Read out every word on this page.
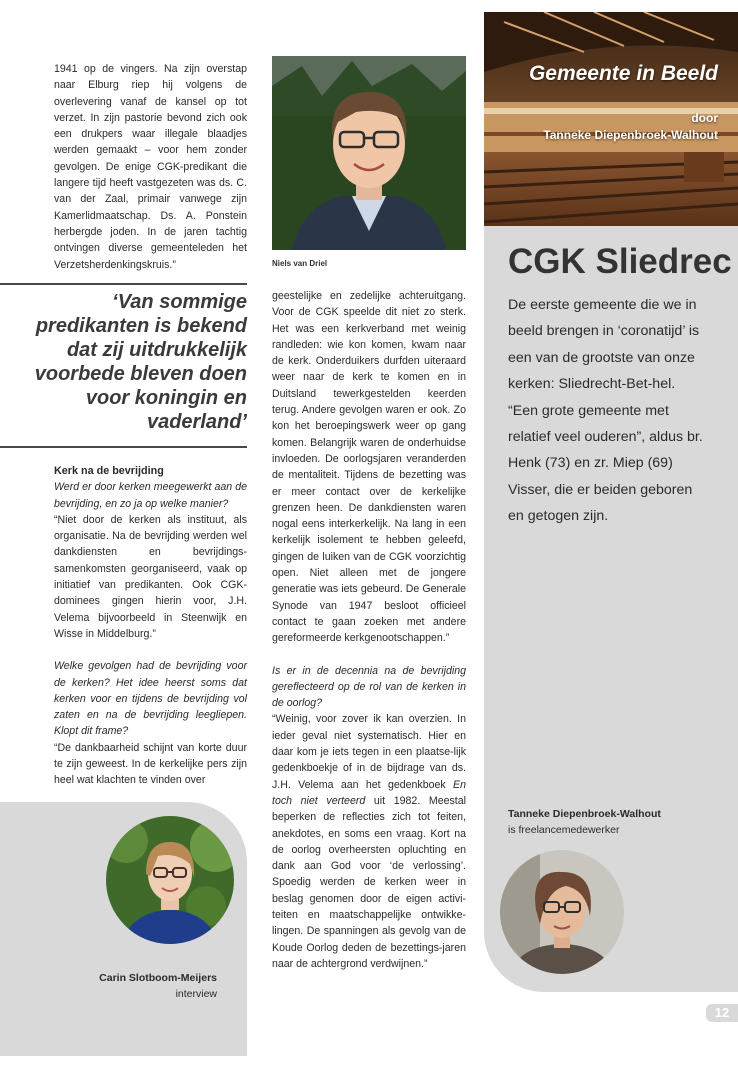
1941 op de vingers. Na zijn overstap naar Elburg riep hij volgens de overlevering vanaf de kansel op tot verzet. In zijn pastorie bevond zich ook een drukpers waar illegale blaadjes werden gemaakt – voor hem zonder gevolgen. De enige CGK-predikant die langere tijd heeft vastgezeten was ds. C. van der Zaal, primair vanwege zijn Kamerlidmaatschap. Ds. A. Ponstein herbergde joden. In de jaren tachtig ontvingen diverse gemeenteleden het Verzetsherdenkingskruis.”

‘Van sommige predikanten is bekend dat zij uitdrukkelijk voorbede bleven doen voor koningin en vaderland’
Kerk na de bevrijding

Werd er door kerken meegewerkt aan de bevrijding, en zo ja op welke manier?

“Niet door de kerken als instituut, als organisatie. Na de bevrijding werden wel dankdiensten en bevrijdings-samenkomsten georganiseerd, vaak op initiatief van predikanten. Ook CGK-dominees gingen hierin voor, J.H. Velema bijvoorbeeld in Steenwijk en Wisse in Middelburg.”

Welke gevolgen had de bevrijding voor de kerken? Het idee heerst soms dat kerken voor en tijdens de bevrijding vol zaten en na de bevrijding leegliepen. Klopt dit frame?

“De dankbaarheid schijnt van korte duur te zijn geweest. In de kerkelijke pers zijn heel wat klachten te vinden over

Carin Slotboom-Meijers
interview
Niels van Driel

geestelijke en zedelijke achteruitgang. Voor de CGK speelde dit niet zo sterk. Het was een kerkverband met weinig randleden: wie kon komen, kwam naar de kerk. Onderduikers durfden uiteraard weer naar de kerk te komen en in Duitsland tewerkgestelden keerden terug. Andere gevolgen waren er ook. Zo kon het beroepingswerk weer op gang komen. Belangrijk waren de onderhuidse invloeden. De oorlogsjaren veranderden de mentaliteit. Tijdens de bezetting was er meer contact over de kerkelijke grenzen heen. De dankdiensten waren nogal eens interkerkelijk. Na lang in een kerkelijk isolement te hebben geleefd, gingen de luiken van de CGK voorzichtig open. Niet alleen met de jongere generatie was iets gebeurd. De Generale Synode van 1947 besloot officieel contact te gaan zoeken met andere gereformeerde kerkgenootschappen.”

Is er in de decennia na de bevrijding gereflecteerd op de rol van de kerken in de oorlog?

“Weinig, voor zover ik kan overzien. In ieder geval niet systematisch. Hier en daar kom je iets tegen in een plaatse-lijk gedenkboekje of in de bijdrage van ds. J.H. Velema aan het gedenkboek En toch niet verteerd uit 1982. Meestal beperken de reflecties zich tot feiten, anekdotes, en soms een vraag. Kort na de oorlog overheersten opluchting en dank aan God voor ‘de verlossing’. Spoedig werden de kerken weer in beslag genomen door de eigen activi-teiten en maatschappelijke ontwikke-lingen. De spanningen als gevolg van de Koude Oorlog deden de bezettings-jaren naar de achtergrond verdwijnen.”

Gemeente in Beeld
door
Tanneke Diepenbroek-Walhout
CGK Sliedrec
De eerste gemeente die we in beeld brengen in ‘coronatijd’ is een van de grootste van onze kerken: Sliedrecht-Bet-hel. “Een grote gemeente met relatief veel ouderen”, aldus br. Henk (73) en zr. Miep (69) Visser, die er beiden geboren en getogen zijn.
Tanneke Diepenbroek-Walhout
is freelancemedewerker
12
